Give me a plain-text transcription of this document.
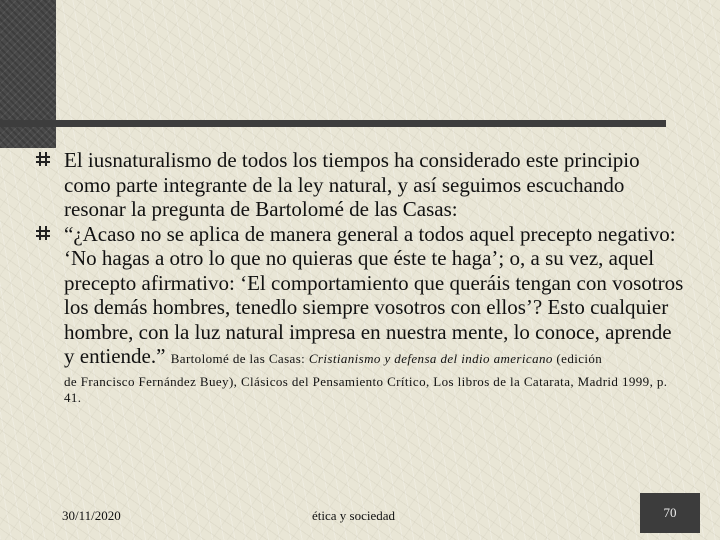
El iusnaturalismo de todos los tiempos ha considerado este principio como parte integrante de la ley natural, y así seguimos escuchando resonar la pregunta de Bartolomé de las Casas:
“¿Acaso no se aplica de manera general a todos aquel precepto negativo: ‘No hagas a otro lo que no quieras que éste te haga’; o, a su vez, aquel precepto afirmativo: ‘El comportamiento que queráis tengan con vosotros los demás hombres, tenedlo siempre vosotros con ellos’? Esto cualquier hombre, con la luz natural impresa en nuestra mente, lo conoce, aprende y entiende.” Bartolomé de las Casas: Cristianismo y defensa del indio americano (edición
de Francisco Fernández Buey), Clásicos del Pensamiento Crítico, Los libros de la Catarata, Madrid 1999, p. 41.
30/11/2020	ética y sociedad	70
